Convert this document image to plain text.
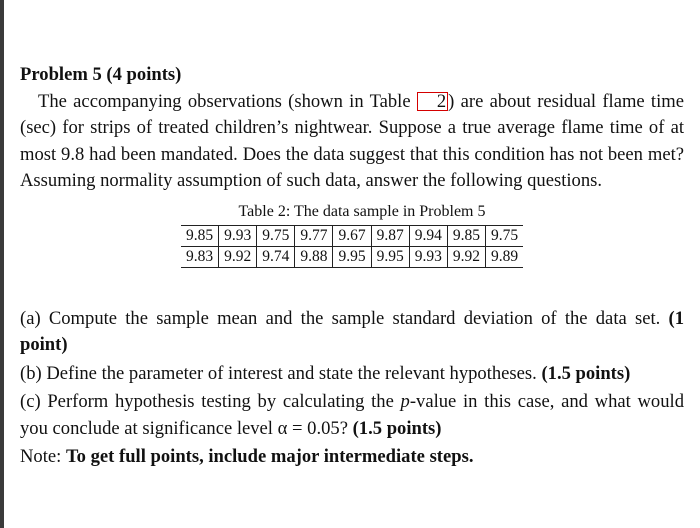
Problem 5 (4 points)
The accompanying observations (shown in Table 2 ) are about residual flame time (sec) for strips of treated children’s nightwear. Suppose a true average flame time of at most 9.8 had been mandated. Does the data suggest that this condition has not been met? Assuming normality assumption of such data, answer the following questions.
Table 2: The data sample in Problem 5
9.85	9.93	9.75	9.77	9.67	9.87	9.94	9.85	9.75
9.83	9.92	9.74	9.88	9.95	9.95	9.93	9.92	9.89
(a) Compute the sample mean and the sample standard deviation of the data set. (1 point)
(b) Define the parameter of interest and state the relevant hypotheses. (1.5 points)
(c) Perform hypothesis testing by calculating the p-value in this case, and what would you conclude at significance level α = 0.05? (1.5 points)
Note: To get full points, include major intermediate steps.
